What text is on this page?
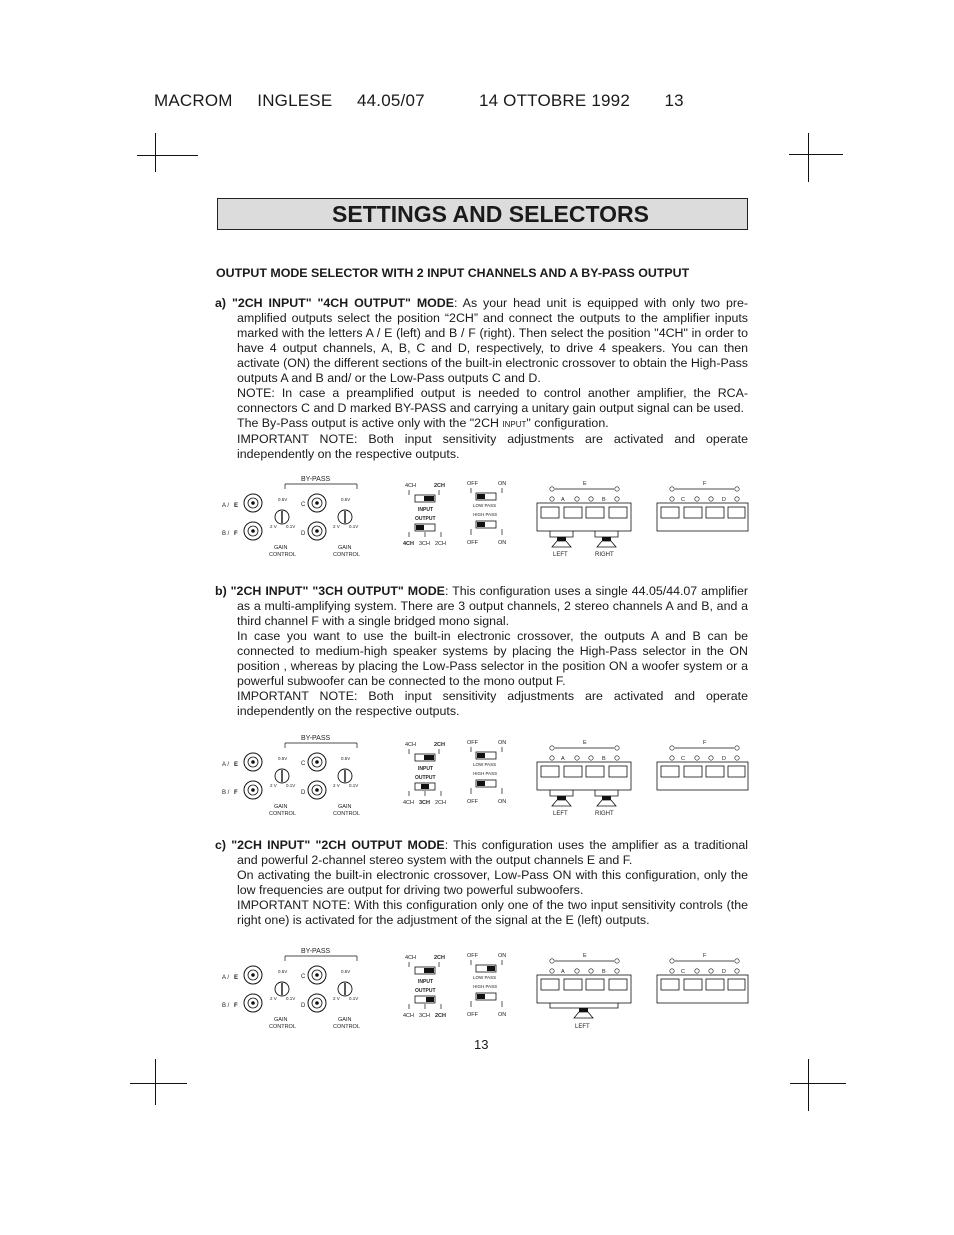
MACROM INGLESE 44.05/07	14 OTTOBRE 1992 13
SETTINGS AND SELECTORS
OUTPUT MODE SELECTOR WITH 2 INPUT CHANNELS AND A BY-PASS OUTPUT
a) "2CH INPUT" "4CH OUTPUT" MODE: As your head unit is equipped with only two pre-amplified outputs select the position “2CH” and connect the outputs to the amplifier inputs marked with the letters A / E (left) and B / F (right). Then select the position "4CH" in order to have 4 output channels, A, B, C and D, respectively, to drive 4 speakers. You can then activate (ON) the different sections of the built-in electronic crossover to obtain the High-Pass outputs A and B and/ or the Low-Pass outputs C and D.
NOTE: In case a preamplified output is needed to control another amplifier, the RCA-connectors C and D marked BY-PASS and carrying a unitary gain output signal can be used.
The By-Pass output is active only with the "2CH INPUT" configuration.
IMPORTANT NOTE: Both input sensitivity adjustments are activated and operate independently on the respective outputs.
b) "2CH INPUT" "3CH OUTPUT" MODE: This configuration uses a single 44.05/44.07 amplifier as a multi-amplifying system. There are 3 output channels, 2 stereo channels A and B, and a third channel F with a single bridged mono signal.
In case you want to use the built-in electronic crossover, the outputs A and B can be connected to medium-high speaker systems by placing the High-Pass selector in the ON position , whereas by placing the Low-Pass selector in the position ON a woofer system or a powerful subwoofer can be connected to the mono output F.
IMPORTANT NOTE: Both input sensitivity adjustments are activated and operate independently on the respective outputs.
c) "2CH INPUT" "2CH OUTPUT MODE: This configuration uses the amplifier as a traditional and powerful 2-channel stereo system with the output channels E and F.
On activating the built-in electronic crossover, Low-Pass ON with this configuration, only the low frequencies are output for driving two powerful subwoofers.
IMPORTANT NOTE: With this configuration only one of the two input sensitivity controls (the right one) is activated for the adjustment of the signal at the E (left) outputs.
BY-PASS
A / E
B / F
C
D
0.5V
2 V 0.1V
GAIN
CONTROL
0.5V
2 V 0.1V
GAIN
CONTROL
4CH	2CH
INPUT
OUTPUT
4CH 3CH 2CH
OFF	ON
LOW PASS
HIGH PASS
OFF	ON
E
A	B
LEFT	RIGHT
LEFT
F
C	D
BY-PASS
A / E
B / F
C
D
0.5V
2 V 0.1V
GAIN
CONTROL
0.5V
2 V 0.1V
GAIN
CONTROL
4CH	2CH
INPUT
OUTPUT
4CH 3CH 2CH
OFF	ON
LOW PASS
HIGH PASS
OFF	ON
E
A	B
LEFT	RIGHT
LEFT
F
C	D
BY-PASS
A / E
B / F
C
D
0.5V
2 V 0.1V
GAIN
CONTROL
0.5V
2 V 0.1V
GAIN
CONTROL
4CH	2CH
INPUT
OUTPUT
4CH 3CH 2CH
OFF	ON
LOW PASS
HIGH PASS
OFF	ON
E
A	B
LEFT	RIGHT
LEFT
F
C	D
13
